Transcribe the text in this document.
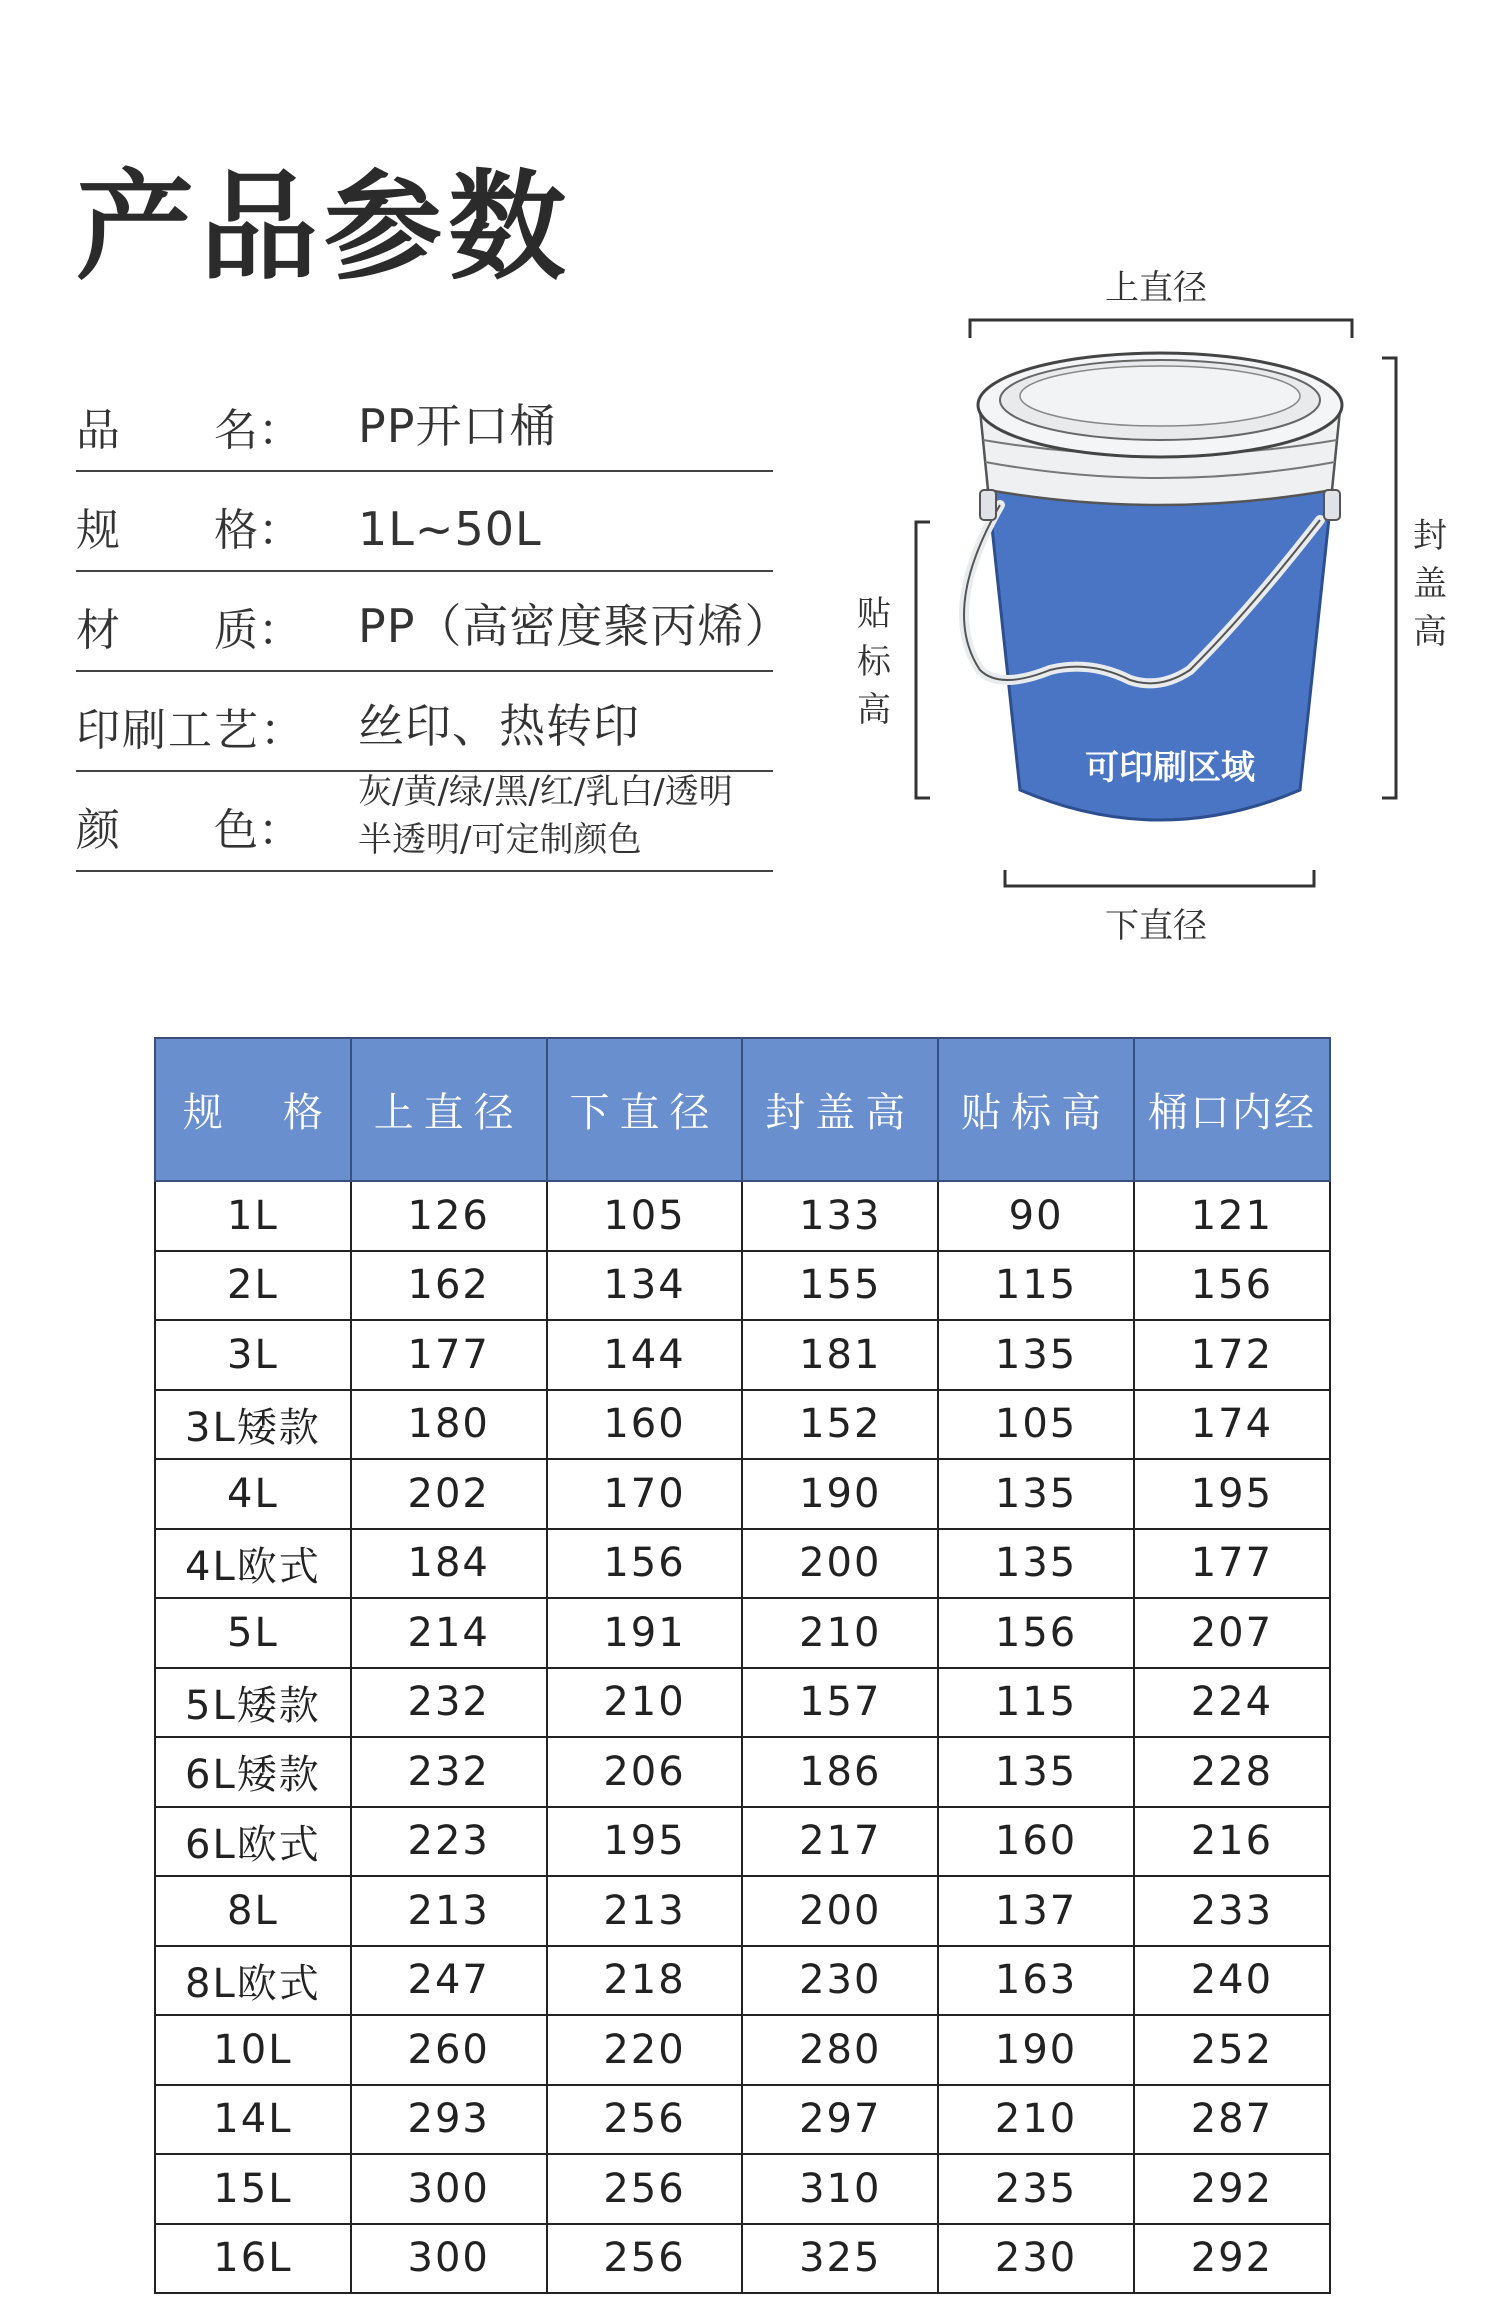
产品参数
品 名： PP开口桶
规 格： 1L~50L
材 质： PP（高密度聚丙烯）
印刷工艺： 丝印、热转印
颜 色：
灰/黄/绿/黑/红/乳白/透明
半透明/可定制颜色
上直径
下直径
贴
标
高
封
盖
高
可印刷区域
规 格	上直径	下直径	封盖高	贴标高	桶口内经
1L	126	105	133	90	121
2L	162	134	155	115	156
3L	177	144	181	135	172
3L矮款	180	160	152	105	174
4L	202	170	190	135	195
4L欧式	184	156	200	135	177
5L	214	191	210	156	207
5L矮款	232	210	157	115	224
6L矮款	232	206	186	135	228
6L欧式	223	195	217	160	216
8L	213	213	200	137	233
8L欧式	247	218	230	163	240
10L	260	220	280	190	252
14L	293	256	297	210	287
15L	300	256	310	235	292
16L	300	256	325	230	292
